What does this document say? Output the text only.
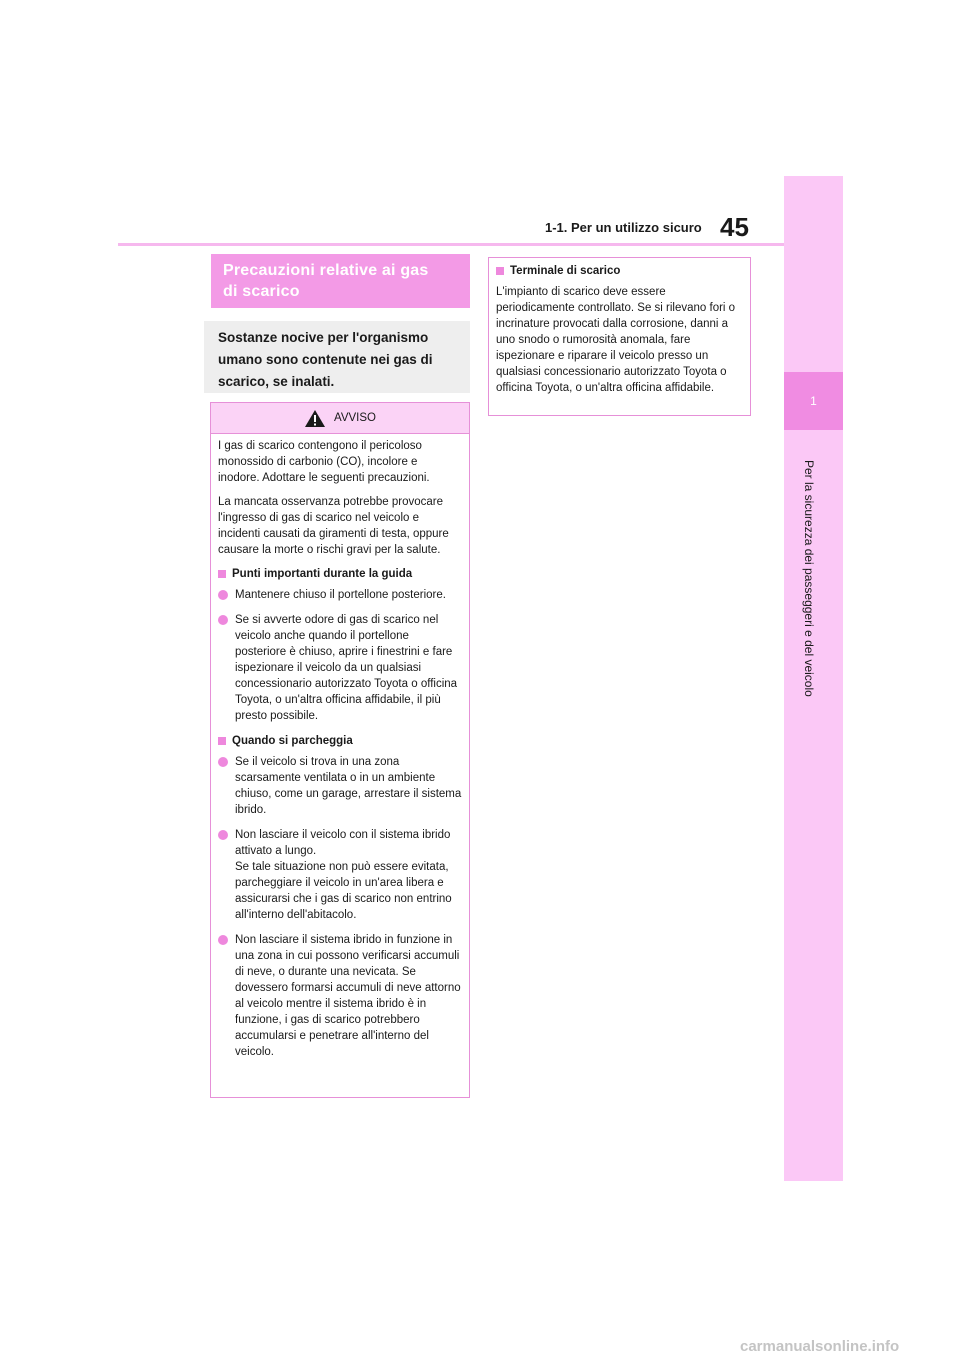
45
1-1. Per un utilizzo sicuro
1
Per la sicurezza dei passeggeri e del veicolo
Precauzioni relative ai gas
di scarico
Sostanze nocive per l'organismo
umano sono contenute nei gas di
scarico, se inalati.
AVVISO

I gas di scarico contengono il pericoloso monossido di carbonio (CO), incolore e inodore. Adottare le seguenti precauzioni.

La mancata osservanza potrebbe provocare l'ingresso di gas di scarico nel veicolo e incidenti causati da giramenti di testa, oppure causare la morte o rischi gravi per la salute.

Punti importanti durante la guida
Mantenere chiuso il portellone posteriore.
Se si avverte odore di gas di scarico nel veicolo anche quando il portellone posteriore è chiuso, aprire i finestrini e fare ispezionare il veicolo da un qualsiasi concessionario autorizzato Toyota o officina Toyota, o un'altra officina affidabile, il più presto possibile.
Quando si parcheggia
Se il veicolo si trova in una zona scarsamente ventilata o in un ambiente chiuso, come un garage, arrestare il sistema ibrido.
Non lasciare il veicolo con il sistema ibrido attivato a lungo.
Se tale situazione non può essere evitata, parcheggiare il veicolo in un'area libera e assicurarsi che i gas di scarico non entrino all'interno dell'abitacolo.
Non lasciare il sistema ibrido in funzione in una zona in cui possono verificarsi accumuli di neve, o durante una nevicata. Se dovessero formarsi accumuli di neve attorno al veicolo mentre il sistema ibrido è in funzione, i gas di scarico potrebbero accumularsi e penetrare all'interno del veicolo.
Terminale di scarico

L'impianto di scarico deve essere periodicamente controllato. Se si rilevano fori o incrinature provocati dalla corrosione, danni a uno snodo o rumorosità anomala, fare ispezionare e riparare il veicolo presso un qualsiasi concessionario autorizzato Toyota o officina Toyota, o un'altra officina affidabile.

carmanualsonline.info
